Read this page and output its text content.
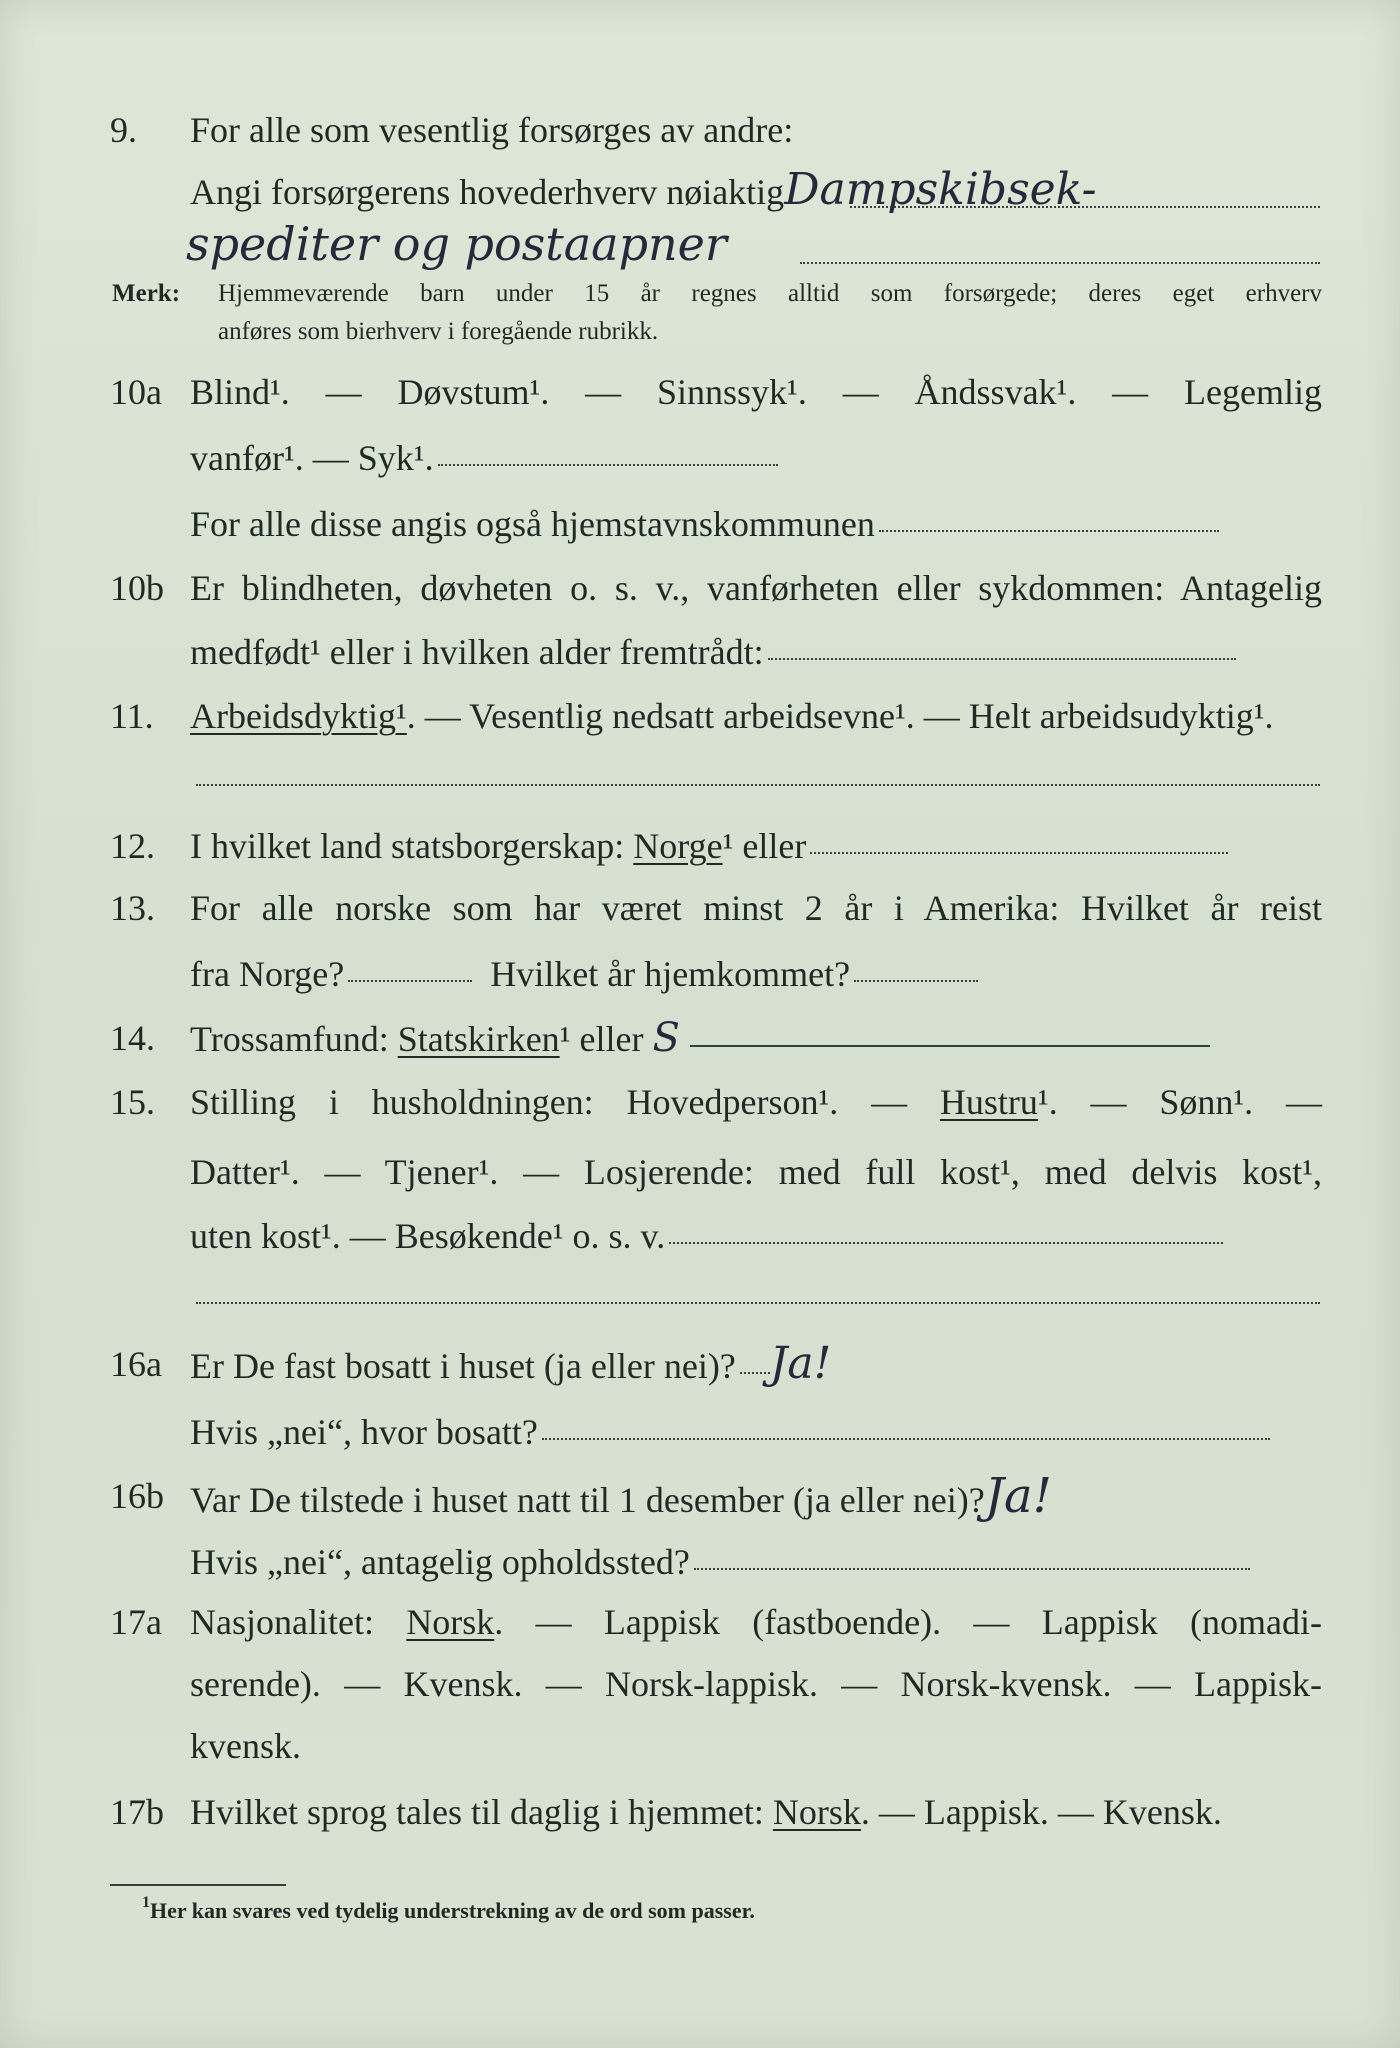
9. For alle som vesentlig forsørges av andre:
Angi forsørgerens hovederhverv nøiaktigDampskibsek-
spediter og postaapner
Merk: Hjemmeværende barn under 15 år regnes alltid som forsørgede; deres eget erhverv
anføres som bierhverv i foregående rubrikk.
10a Blind¹. — Døvstum¹. — Sinnssyk¹. — Åndssvak¹. — Legemlig
vanfør¹. — Syk¹.
For alle disse angis også hjemstavnskommunen
10b Er blindheten, døvheten o. s. v., vanførheten eller sykdommen: Antagelig
medfødt¹ eller i hvilken alder fremtrådt:
11. Arbeidsdyktig¹. — Vesentlig nedsatt arbeidsevne¹. — Helt arbeidsudyktig¹.
12. I hvilket land statsborgerskap: Norge¹ eller
13. For alle norske som har været minst 2 år i Amerika: Hvilket år reist
fra Norge?	Hvilket år hjemkommet?
14. Trossamfund: Statskirken¹ eller S
15. Stilling i husholdningen: Hovedperson¹. — Hustru¹. — Sønn¹. —
Datter¹. — Tjener¹. — Losjerende: med full kost¹, med delvis kost¹,
uten kost¹. — Besøkende¹ o. s. v.
16a Er De fast bosatt i huset (ja eller nei)? Ja!
Hvis „nei“, hvor bosatt?
16b Var De tilstede i huset natt til 1 desember (ja eller nei)?Ja!
Hvis „nei“, antagelig opholdssted?
17a Nasjonalitet: Norsk. — Lappisk (fastboende). — Lappisk (nomadi-
serende). — Kvensk. — Norsk-lappisk. — Norsk-kvensk. — Lappisk-
kvensk.
17b Hvilket sprog tales til daglig i hjemmet: Norsk. — Lappisk. — Kvensk.
1 Her kan svares ved tydelig understrekning av de ord som passer.
